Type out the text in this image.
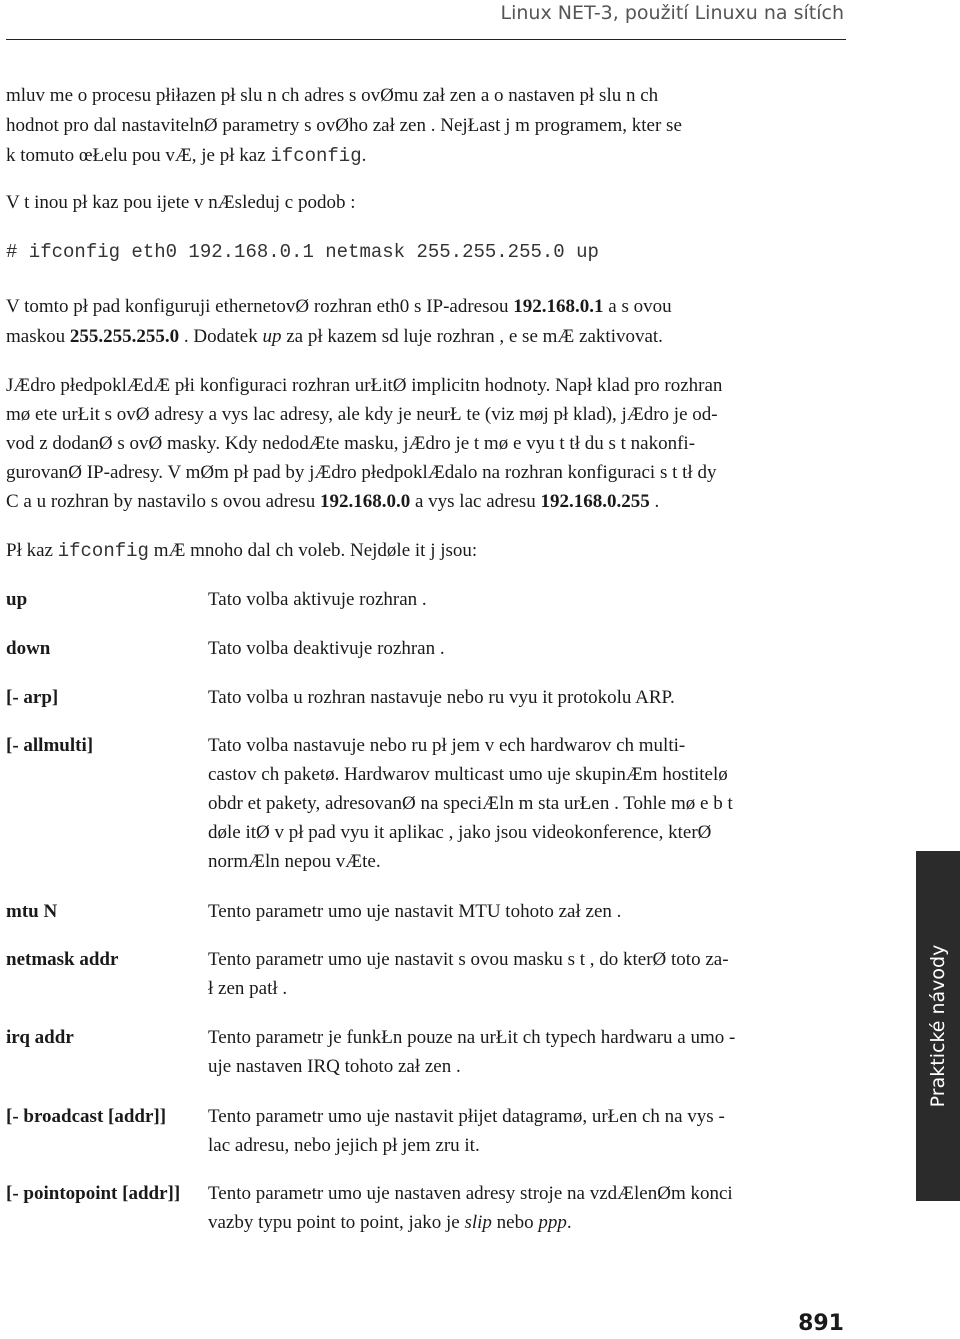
Linux NET-3, použití Linuxu na sítích

mluv me o procesu płiłazen pł slu n ch adres s ovØmu zał zen a o nastaven pł slu n ch

hodnot pro dal nastavitelnØ parametry s ovØho zał zen . NejŁast j m programem, kter se

k tomuto œŁelu pou vÆ, je pł kaz ifconfig.

V t inou pł kaz pou ijete v nÆsleduj c podob :

# ifconfig eth0 192.168.0.1 netmask 255.255.255.0 up

V tomto pł pad konfiguruji ethernetovØ rozhran eth0 s IP-adresou 192.168.0.1 a s ovou

maskou 255.255.255.0 . Dodatek up za pł kazem sd luje rozhran , e se mÆ zaktivovat.

JÆdro płedpoklÆdÆ płi konfiguraci rozhran urŁitØ implicitn hodnoty. Napł klad pro rozhran

mø ete urŁit s ovØ adresy a vys lac adresy, ale kdy je neurŁ te (viz møj pł klad), jÆdro je od-

vod z dodanØ s ovØ masky. Kdy nedodÆte masku, jÆdro je t mø e vyu t tł du s t nakonfi-

gurovanØ IP-adresy. V mØm pł pad by jÆdro płedpoklÆdalo na rozhran konfiguraci s t tł dy

C a u rozhran by nastavilo s ovou adresu 192.168.0.0 a vys lac adresu 192.168.0.255 .

Pł kaz ifconfig mÆ mnoho dal ch voleb. Nejdøle it j jsou:

up	Tato volba aktivuje rozhran .
down	Tato volba deaktivuje rozhran .
[- arp]	Tato volba u rozhran nastavuje nebo ru vyu it protokolu ARP.
[- allmulti]	Tato volba nastavuje nebo ru pł jem v ech hardwarov ch multi-
castov ch paketø. Hardwarov multicast umo uje skupinÆm hostitelø
obdr et pakety, adresovanØ na speciÆln m sta urŁen . Tohle mø e b t
døle itØ v pł pad vyu it aplikac , jako jsou videokonference, kterØ
normÆln nepou vÆte.
mtu N	Tento parametr umo uje nastavit MTU tohoto zał zen .
netmask addr	Tento parametr umo uje nastavit s ovou masku s t , do kterØ toto za-
ł zen patł .
irq addr	Tento parametr je funkŁn pouze na urŁit ch typech hardwaru a umo -
uje nastaven IRQ tohoto zał zen .
[- broadcast [addr]] Tento parametr umo uje nastavit płijet datagramø, urŁen ch na vys -
lac adresu, nebo jejich pł jem zru it.
[- pointopoint [addr]] Tento parametr umo uje nastaven adresy stroje na vzdÆlenØm konci
vazby typu point to point, jako je slip nebo ppp.
Praktické návody
891
